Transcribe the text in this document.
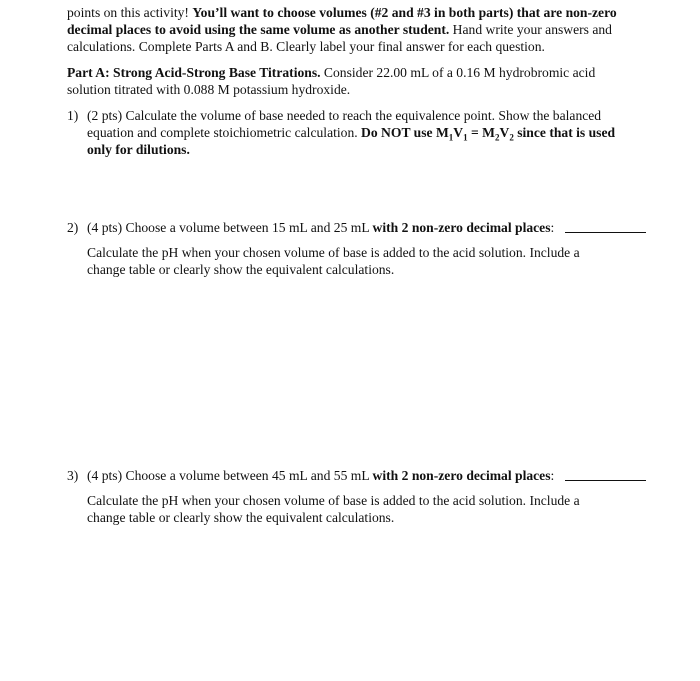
points on this activity! You’ll want to choose volumes (#2 and #3 in both parts) that are non-zero
decimal places to avoid using the same volume as another student. Hand write your answers and
calculations. Complete Parts A and B. Clearly label your final answer for each question.
Part A: Strong Acid-Strong Base Titrations. Consider 22.00 mL of a 0.16 M hydrobromic acid
solution titrated with 0.088 M potassium hydroxide.
1) (2 pts) Calculate the volume of base needed to reach the equivalence point. Show the balanced
equation and complete stoichiometric calculation. Do NOT use $M_1V_1 = M_2V_2$ since that is used
only for dilutions.
2) (4 pts) Choose a volume between 15 mL and 25 mL with 2 non-zero decimal places:
Calculate the pH when your chosen volume of base is added to the acid solution. Include a
change table or clearly show the equivalent calculations.
3) (4 pts) Choose a volume between 45 mL and 55 mL with 2 non-zero decimal places:
Calculate the pH when your chosen volume of base is added to the acid solution. Include a
change table or clearly show the equivalent calculations.
